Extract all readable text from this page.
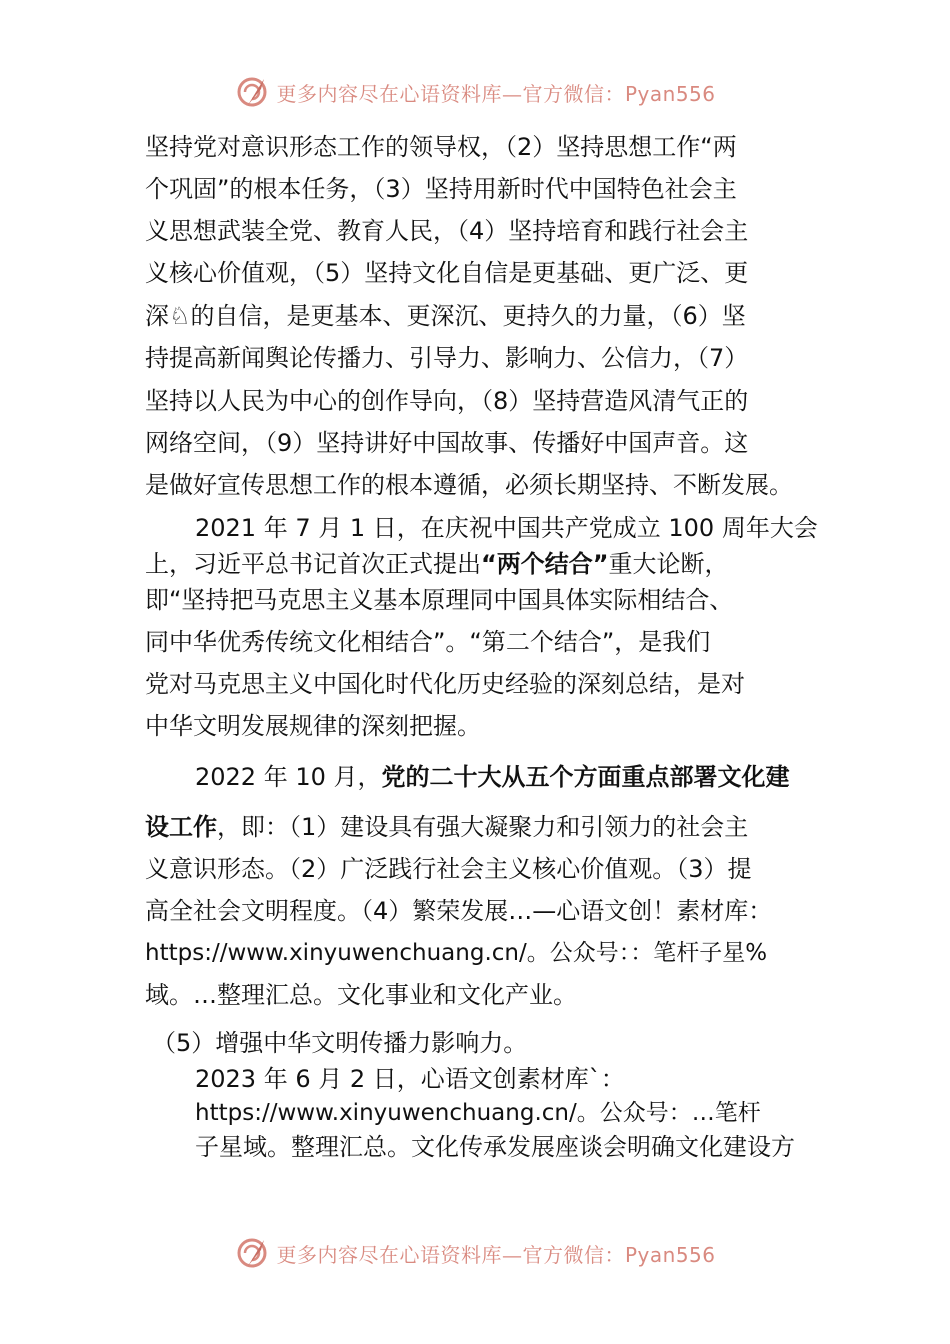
更多内容尽在心语资料库—官方微信：Pyan556
坚持党对意识形态工作的领导权，（2）坚持思想工作“两
个巩固”的根本任务，（3）坚持用新时代中国特色社会主
义思想武装全党、教育人民，（4）坚持培育和践行社会主
义核心价值观，（5）坚持文化自信是更基础、更广泛、更
深♘的自信，是更基本、更深沉、更持久的力量，（6）坚
持提高新闻舆论传播力、引导力、影响力、公信力，（7）
坚持以人民为中心的创作导向，（8）坚持营造风清气正的
网络空间，（9）坚持讲好中国故事、传播好中国声音。这
是做好宣传思想工作的根本遵循，必须长期坚持、不断发展。
2021 年 7 月 1 日，在庆祝中国共产党成立 100 周年大会
上，习近平总书记首次正式提出“两个结合”重大论断，
即“坚持把马克思主义基本原理同中国具体实际相结合、
同中华优秀传统文化相结合”。“第二个结合”，是我们
党对马克思主义中国化时代化历史经验的深刻总结，是对
中华文明发展规律的深刻把握。
2022 年 10 月，党的二十大从五个方面重点部署文化建
设工作，即：（1）建设具有强大凝聚力和引领力的社会主
义意识形态。（2）广泛践行社会主义核心价值观。（3）提
高全社会文明程度。（4）繁荣发展…—心语文创！素材库：
https://www.xinyuwenchuang.cn/。公众号：：笔杆子星%
域。…整理汇总。文化事业和文化产业。
（5）增强中华文明传播力影响力。
2023 年 6 月 2 日，心语文创素材库`：
https://www.xinyuwenchuang.cn/。公众号：…笔杆
子星域。整理汇总。文化传承发展座谈会明确文化建设方
更多内容尽在心语资料库—官方微信：Pyan556
